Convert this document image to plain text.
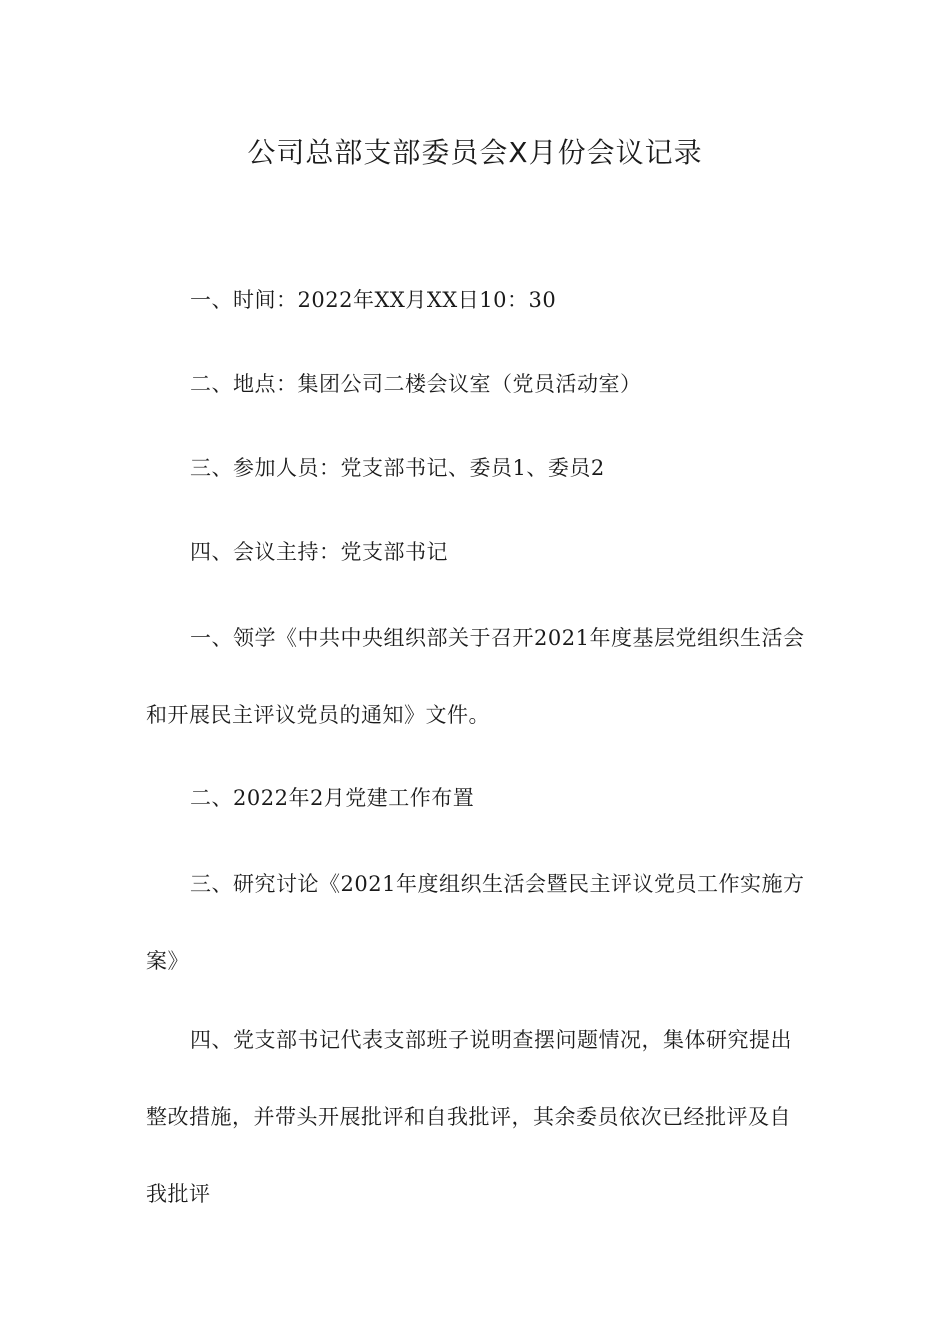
公司总部支部委员会X月份会议记录

一、时间：2022年XX月XX日10：30

二、地点：集团公司二楼会议室（党员活动室）

三、参加人员：党支部书记、委员1、委员2

四、会议主持：党支部书记

一、领学《中共中央组织部关于召开2021年度基层党组织生活会和开展民主评议党员的通知》文件。

二、2022年2月党建工作布置

三、研究讨论《2021年度组织生活会暨民主评议党员工作实施方案》

四、党支部书记代表支部班子说明查摆问题情况，集体研究提出整改措施，并带头开展批评和自我批评，其余委员依次已经批评及自我批评
